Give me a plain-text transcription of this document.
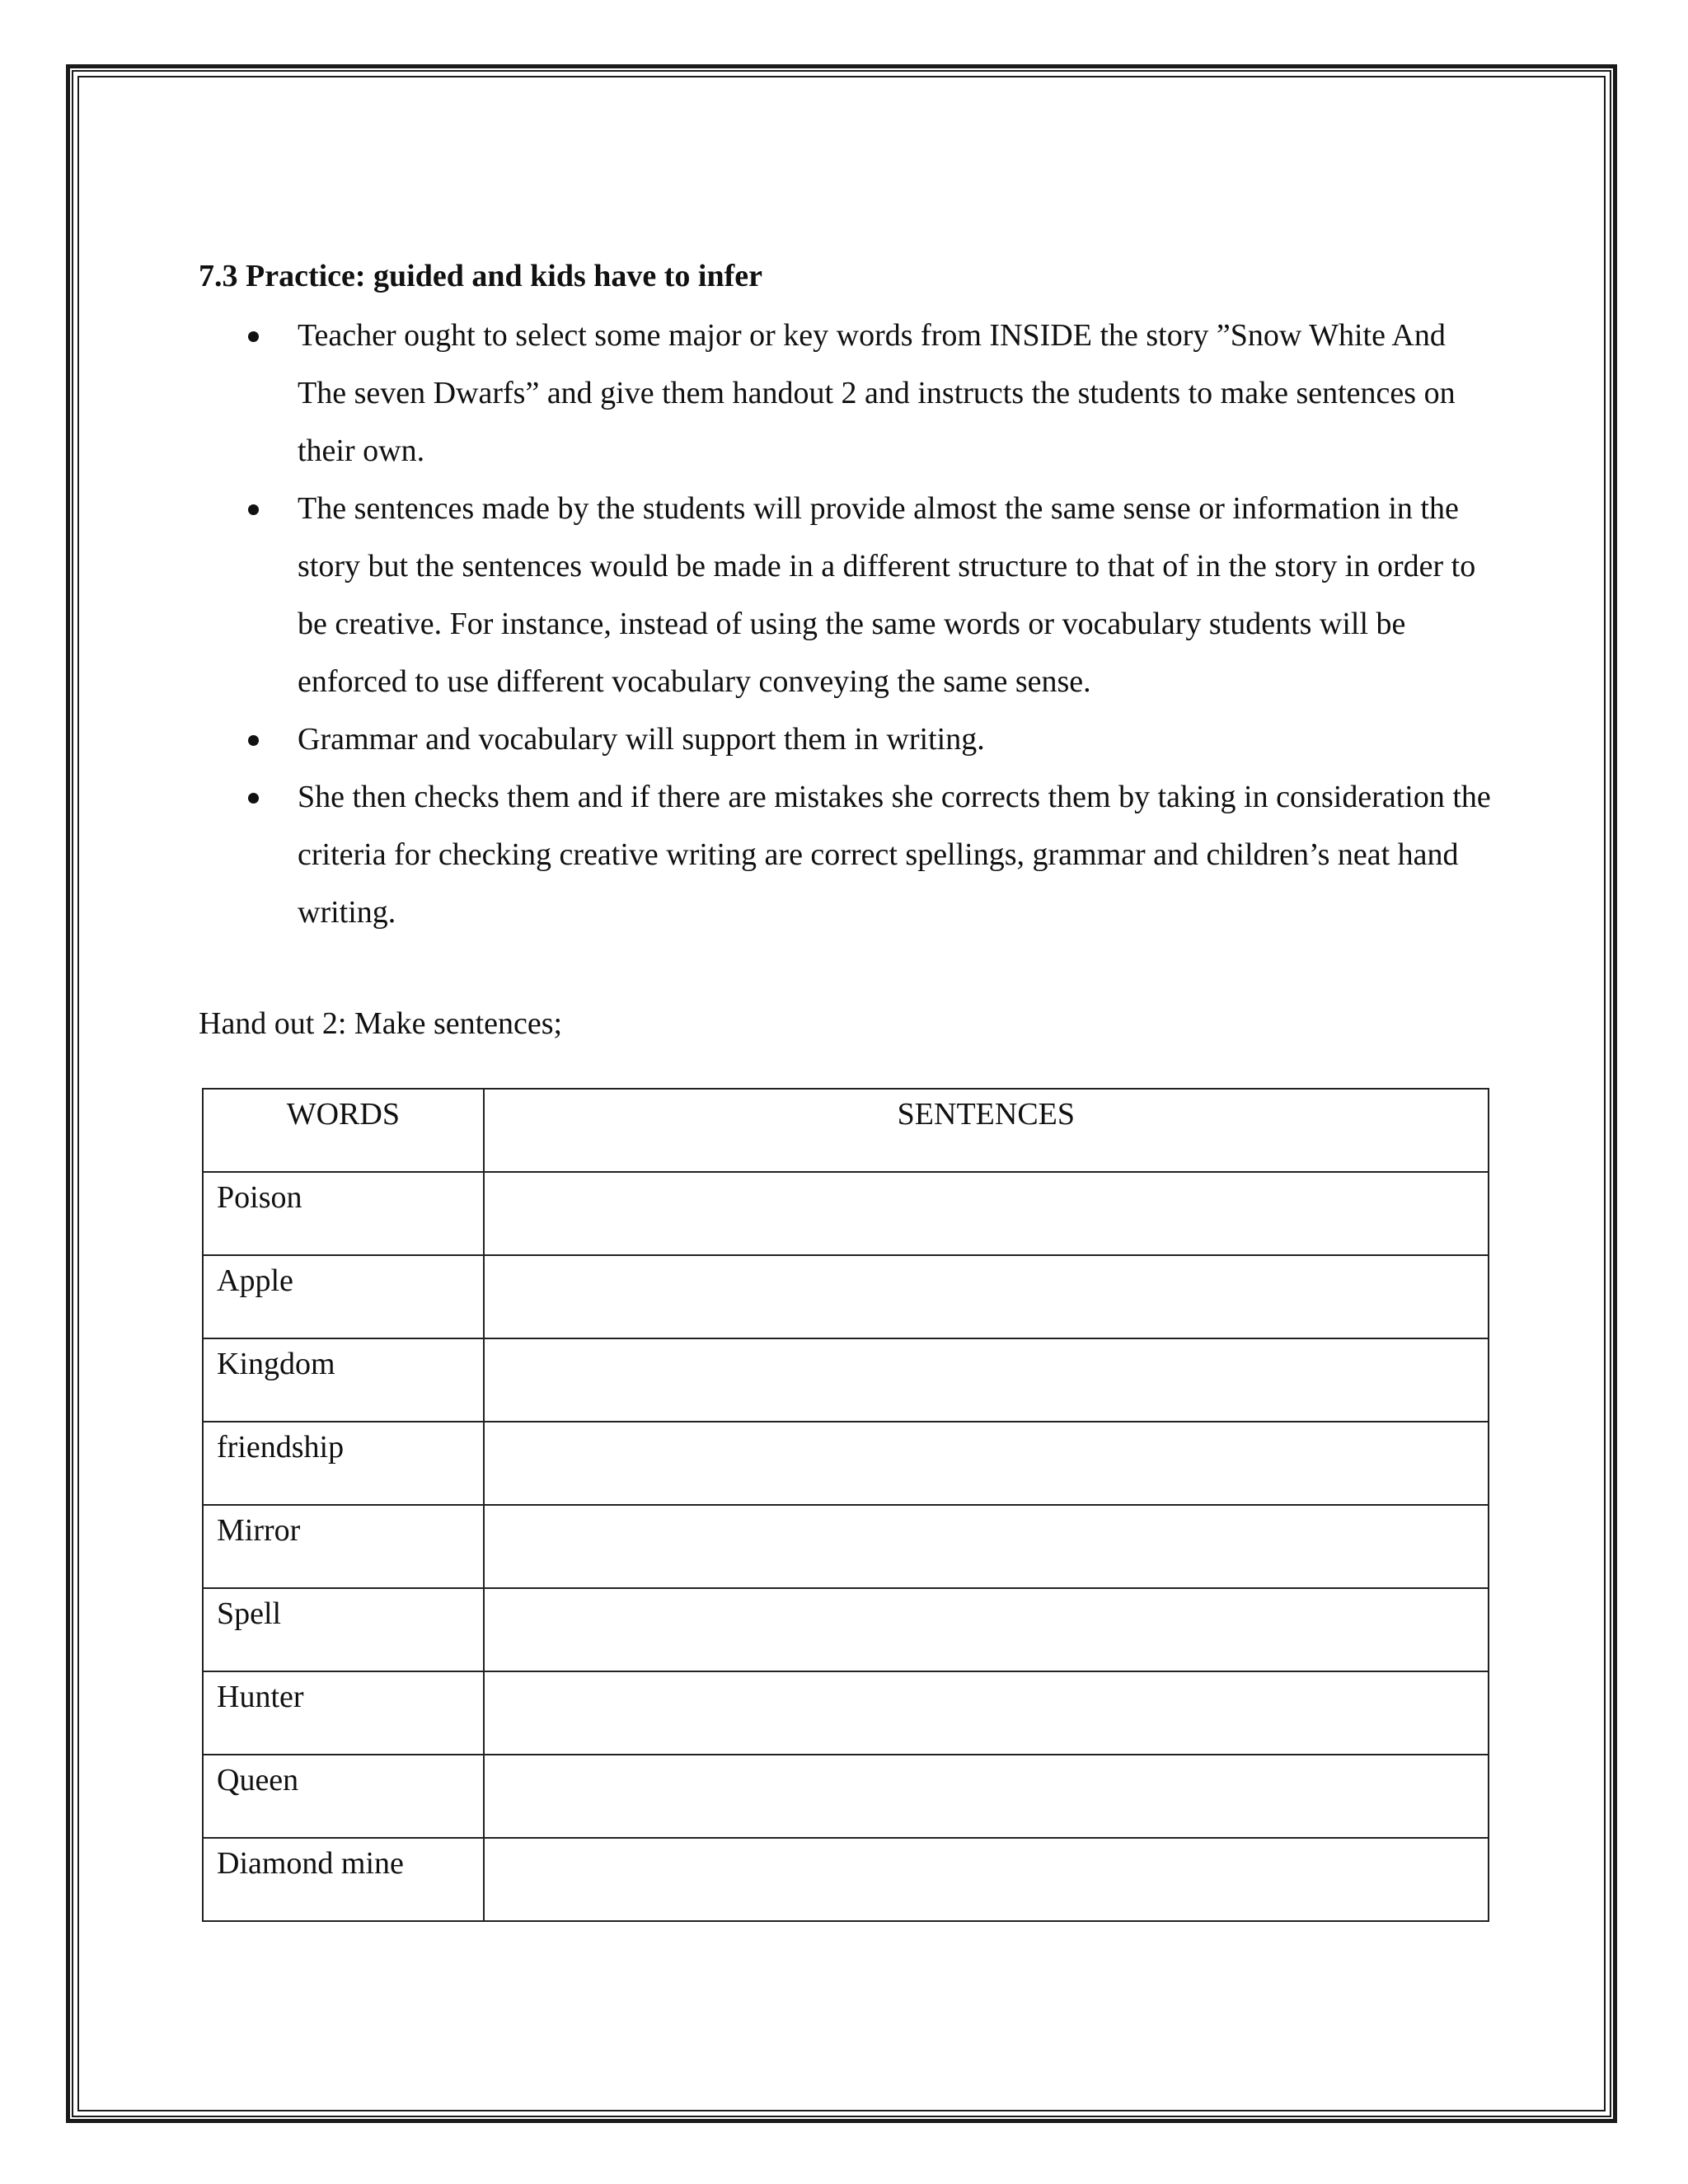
7.3 Practice: guided and kids have to infer
Teacher ought to select some major or key words from INSIDE the story ”Snow White And The seven Dwarfs” and give them handout 2 and instructs the students to make sentences on their own.
The sentences made by the students will provide almost the same sense or information in the story but the sentences would be made in a different structure to that of in the story in order to be creative. For instance, instead of using the same words or vocabulary students will be enforced to use different vocabulary conveying the same sense.
Grammar and vocabulary will support them in writing.
She then checks them and if there are mistakes she corrects them by taking in consideration the criteria for checking creative writing are correct spellings, grammar and children’s neat hand writing.

Hand out 2: Make sentences;

WORDS	SENTENCES
Poison	
Apple	
Kingdom	
friendship	
Mirror	
Spell	
Hunter	
Queen	
Diamond mine	
